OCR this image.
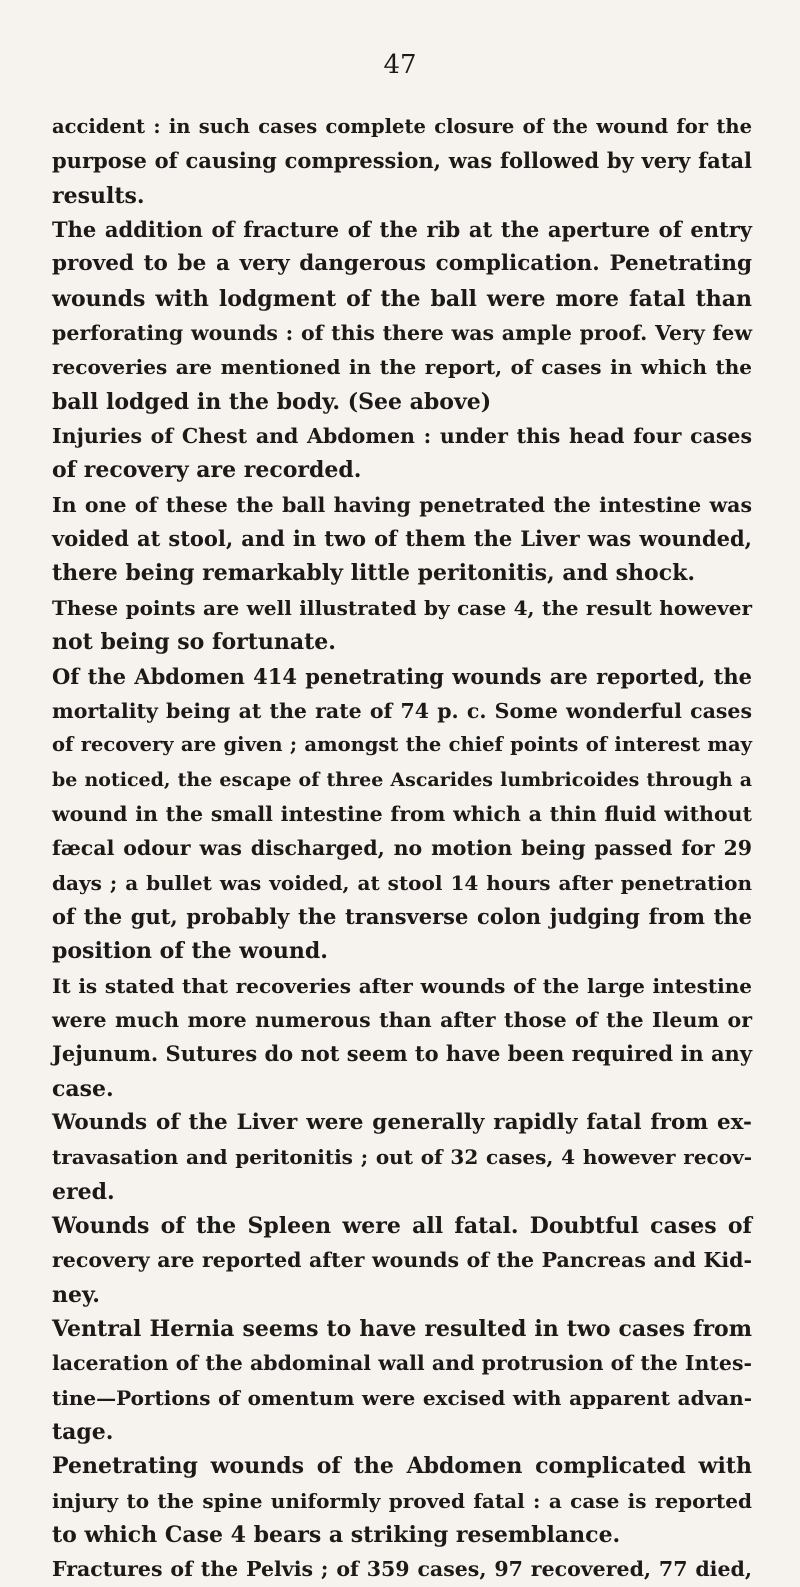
47
accident : in such cases complete closure of the wound for the
purpose of causing compression, was followed by very fatal
results.
The addition of fracture of the rib at the aperture of entry
proved to be a very dangerous complication. Penetrating
wounds with lodgment of the ball were more fatal than
perforating wounds : of this there was ample proof. Very few
recoveries are mentioned in the report, of cases in which the
ball lodged in the body. (See above)
Injuries of Chest and Abdomen : under this head four cases
of recovery are recorded.
In one of these the ball having penetrated the intestine was
voided at stool, and in two of them the Liver was wounded,
there being remarkably little peritonitis, and shock.
These points are well illustrated by case 4, the result however
not being so fortunate.
Of the Abdomen 414 penetrating wounds are reported, the
mortality being at the rate of 74 p. c. Some wonderful cases
of recovery are given ; amongst the chief points of interest may
be noticed, the escape of three Ascarides lumbricoides through a
wound in the small intestine from which a thin fluid without
fæcal odour was discharged, no motion being passed for 29
days ; a bullet was voided, at stool 14 hours after penetration
of the gut, probably the transverse colon judging from the
position of the wound.
It is stated that recoveries after wounds of the large intestine
were much more numerous than after those of the Ileum or
Jejunum. Sutures do not seem to have been required in any
case.
Wounds of the Liver were generally rapidly fatal from ex-
travasation and peritonitis ; out of 32 cases, 4 however recov-
ered.
Wounds of the Spleen were all fatal. Doubtful cases of
recovery are reported after wounds of the Pancreas and Kid-
ney.
Ventral Hernia seems to have resulted in two cases from
laceration of the abdominal wall and protrusion of the Intes-
tine—Portions of omentum were excised with apparent advan-
tage.
Penetrating wounds of the Abdomen complicated with
injury to the spine uniformly proved fatal : a case is reported
to which Case 4 bears a striking resemblance.
Fractures of the Pelvis ; of 359 cases, 97 recovered, 77 died,
